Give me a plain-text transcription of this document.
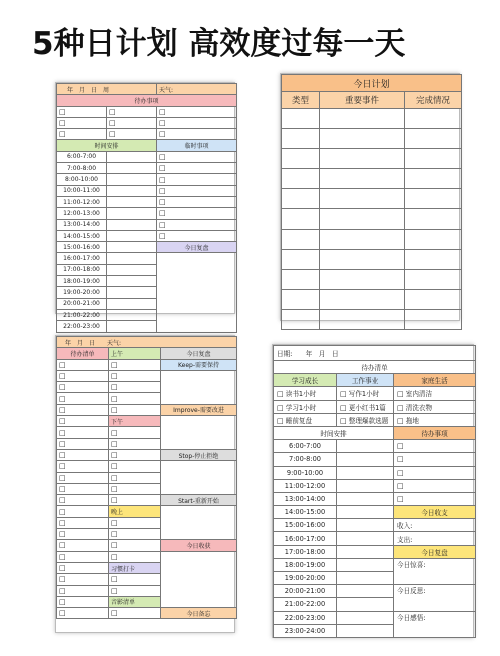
5种日计划 高效度过每一天
年　月　日　周		天气:
待办事项		
□	□	□
□	□	□
□	□	□
时间安排		临时事项
6:00-7:00		□
7:00-8:00		□
8:00-10:00		□
10:00-11:00		□
11:00-12:00		□
12:00-13:00		□
13:00-14:00		□
14:00-15:00		□
15:00-16:00		今日复盘
16:00-17:00		
17:00-18:00		
18:00-19:00		
19:00-20:00		
20:00-21:00		
21:00-22:00		
22:00-23:00		
今日计划		
类型	重要事件	完成情况

年　月　日　　天气:		
待办清单	上午	今日复盘
□	□	Keep-需要保持
□	□	
□	□
□	□
□	□	Improve-需要改进
□	下午	
□	□
□	□
□	□	Stop-停止拒绝
□	□	
□	□
□	□
□	□	Start-重新开始
□	晚上	
□	□
□	□
□	□	今日收获
□	□	
□	习惯打卡	
□	□
□	□
□	音影清单	
□	□	今日备忘
日期:　　年　月　日		
待办清单		
学习成长	工作事业	家庭生活
□ 读书1小时	□写作1小时	□室内清洁
□ 学习1小时	□更小红书1篇	□清洗衣物
□ 睡前复盘	□整理爆款选题	□拖地
时间安排		待办事项
6:00-7:00		□
7:00-8:00		□
9:00-10:00		□
11:00-12:00		□
13:00-14:00		□
14:00-15:00		今日收支
15:00-16:00		收入:
16:00-17:00		支出:
17:00-18:00		今日复盘
18:00-19:00		今日惊喜:
19:00-20:00		
20:00-21:00		今日反思:
21:00-22:00		
22:00-23:00		今日感悟:
23:00-24:00		
